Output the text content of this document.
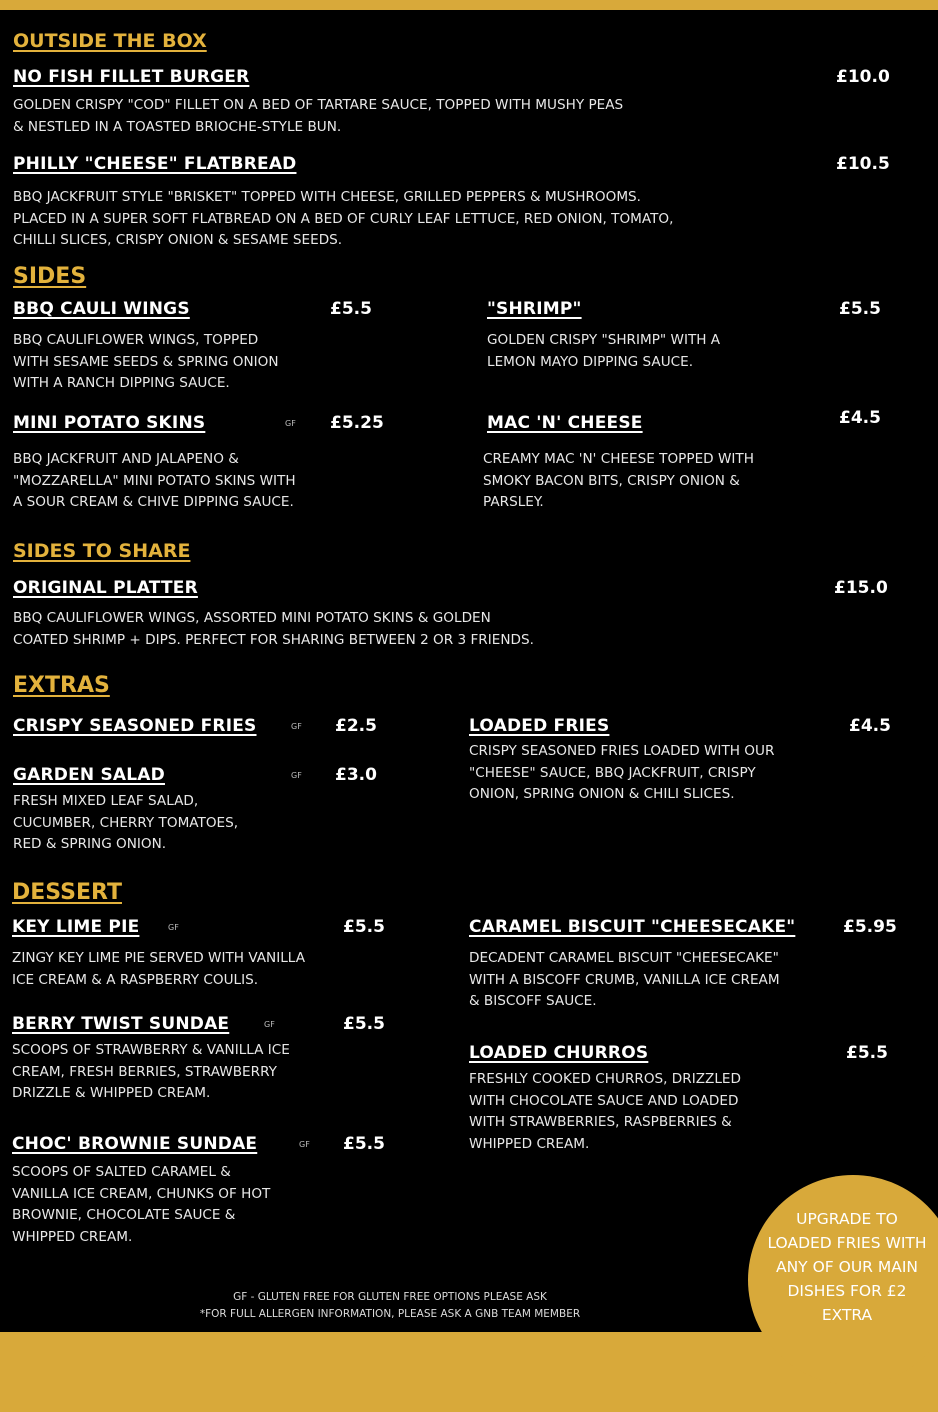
OUTSIDE THE BOX
NO FISH FILLET BURGER	£10.0
GOLDEN CRISPY "COD" FILLET ON A BED OF TARTARE SAUCE, TOPPED WITH MUSHY PEAS
& NESTLED IN A TOASTED BRIOCHE-STYLE BUN.
PHILLY "CHEESE" FLATBREAD	£10.5
BBQ JACKFRUIT STYLE "BRISKET" TOPPED WITH CHEESE, GRILLED PEPPERS & MUSHROOMS.
PLACED IN A SUPER SOFT FLATBREAD ON A BED OF CURLY LEAF LETTUCE, RED ONION, TOMATO,
CHILLI SLICES, CRISPY ONION & SESAME SEEDS.
SIDES
BBQ CAULI WINGS	£5.5
BBQ CAULIFLOWER WINGS, TOPPED
WITH SESAME SEEDS & SPRING ONION
WITH A RANCH DIPPING SAUCE.
"SHRIMP"	£5.5
GOLDEN CRISPY "SHRIMP" WITH A
LEMON MAYO DIPPING SAUCE.
MINI POTATO SKINS	GF £5.25
BBQ JACKFRUIT AND JALAPENO &
"MOZZARELLA" MINI POTATO SKINS WITH
A SOUR CREAM & CHIVE DIPPING SAUCE.
MAC 'N' CHEESE	£4.5
CREAMY MAC 'N' CHEESE TOPPED WITH
SMOKY BACON BITS, CRISPY ONION &
PARSLEY.
SIDES TO SHARE
ORIGINAL PLATTER	£15.0
BBQ CAULIFLOWER WINGS, ASSORTED MINI POTATO SKINS & GOLDEN
COATED SHRIMP + DIPS. PERFECT FOR SHARING BETWEEN 2 OR 3 FRIENDS.
EXTRAS
CRISPY SEASONED FRIES	GF £2.5	LOADED FRIES	£4.5
CRISPY SEASONED FRIES LOADED WITH OUR
"CHEESE" SAUCE, BBQ JACKFRUIT, CRISPY
ONION, SPRING ONION & CHILI SLICES.
GARDEN SALAD	GF £3.0
FRESH MIXED LEAF SALAD,
CUCUMBER, CHERRY TOMATOES,
RED & SPRING ONION.
DESSERT
KEY LIME PIE	GF	£5.5
ZINGY KEY LIME PIE SERVED WITH VANILLA
ICE CREAM & A RASPBERRY COULIS.
CARAMEL BISCUIT "CHEESECAKE"	£5.95
DECADENT CARAMEL BISCUIT "CHEESECAKE"
WITH A BISCOFF CRUMB, VANILLA ICE CREAM
& BISCOFF SAUCE.
BERRY TWIST SUNDAE	GF	£5.5
SCOOPS OF STRAWBERRY & VANILLA ICE
CREAM, FRESH BERRIES, STRAWBERRY
DRIZZLE & WHIPPED CREAM.
LOADED CHURROS	£5.5
FRESHLY COOKED CHURROS, DRIZZLED
WITH CHOCOLATE SAUCE AND LOADED
WITH STRAWBERRIES, RASPBERRIES &
WHIPPED CREAM.
CHOC' BROWNIE SUNDAE	GF £5.5
SCOOPS OF SALTED CARAMEL &
VANILLA ICE CREAM, CHUNKS OF HOT
BROWNIE, CHOCOLATE SAUCE &
WHIPPED CREAM.
GF - GLUTEN FREE FOR GLUTEN FREE OPTIONS PLEASE ASK
*FOR FULL ALLERGEN INFORMATION, PLEASE ASK A GNB TEAM MEMBER
UPGRADE TO
LOADED FRIES WITH
ANY OF OUR MAIN
DISHES FOR £2
EXTRA
